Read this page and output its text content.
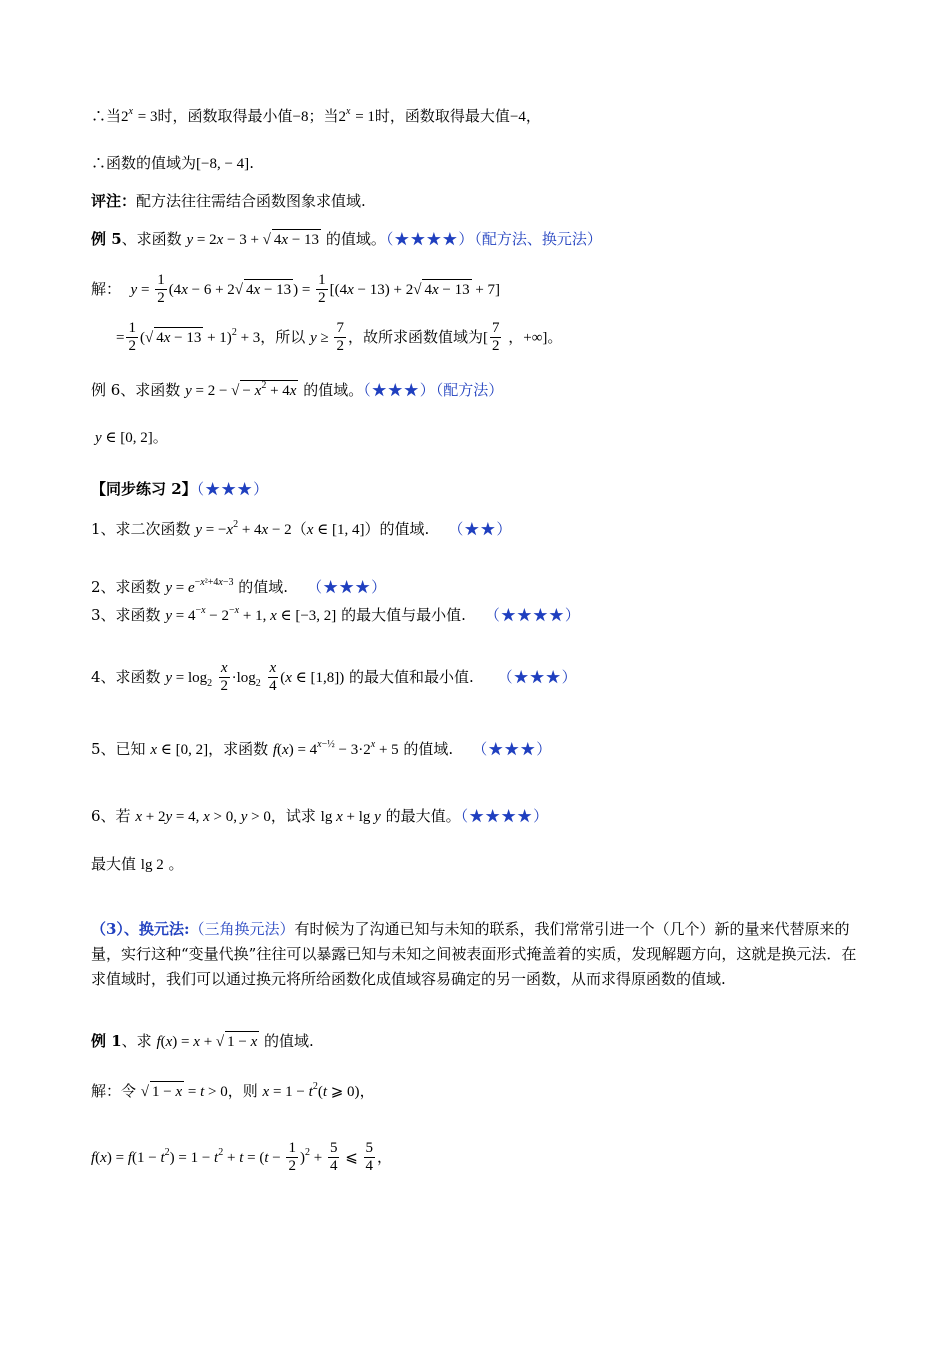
∴当$2^x = 3$时，函数取得最小值−8；当$2^x = 1$时，函数取得最大值−4，
∴函数的值域为[−8, − 4].
评注：配方法往往需结合函数图象求值域.
例 5、求函数 y = 2x − 3 + √ 4x − 13 的值域。（★★★★）（配方法、换元法）
解：  $y = \frac{1}{2} (4x - 6 + 2√$ 4x − 13 ) = $\frac{1}{2} [(4x - 13) + 2√$ 4x − 13 + 7]
= $\frac{1}{2}$ (√ 4x − 13 + 1)$^2$ + 3，所以 $y \ge \frac{7}{2}$ ，故所求函数值域为[ $\frac{7}{2}$ ，+∞]。
例 6、求函数 y = 2 − √ − $x^2 + 4x$ 的值域。（★★★）（配方法）
y ∈ [0, 2]。
【同步练习 2】（★★★）
1、求二次函数 $y = -x^2 + 4x - 2(x$ ∈ [1, 4]）的值域.    （★★）
2、求函数 $y = e^{-x^2+4x-3}$ 的值域.    （★★★）
3、求函数 $y = 4^{-x} - 2^{-x} + 1$, x ∈ [−3, 2] 的最大值与最小值.    （★★★★）
4、求函数 $y = \log_2 \frac{x}{2} \cdot\log_2 \frac{x}{4} (x$ ∈ [1,8]) 的最大值和最小值.     （★★★）
5、已知 x ∈ [0, 2]，求函数 $f(x) = 4^{x-\frac{1}{2}} - 3\cdot 2^x + 5$ 的值域.    （★★★）
6、若 x + 2y = 4, x > 0, y > 0，试求 lg x + lg y 的最大值。（★★★★）
最大值 lg 2 。
（3）、换元法:（三角换元法）有时候为了沟通已知与未知的联系，我们常常引进一个（几个）新的量来代替原来的量，实行这种“变量代换”往往可以暴露已知与未知之间被表面形式掩盖着的实质，发现解题方向，这就是换元法．在求值域时，我们可以通过换元将所给函数化成值域容易确定的另一函数，从而求得原函数的值域.
例 1、求 f(x) = x + √ 1 − x 的值域.
解：令 √ 1 − x = t > 0，则 $x = 1 - t^2(t$ ⩾ 0)，
$f(x) = f(1 - t^2) = 1 - t^2 + t = (t - \frac{1}{2} )^2 + \frac{5}{4}$ ⩽ $\frac{5}{4}$ ，
